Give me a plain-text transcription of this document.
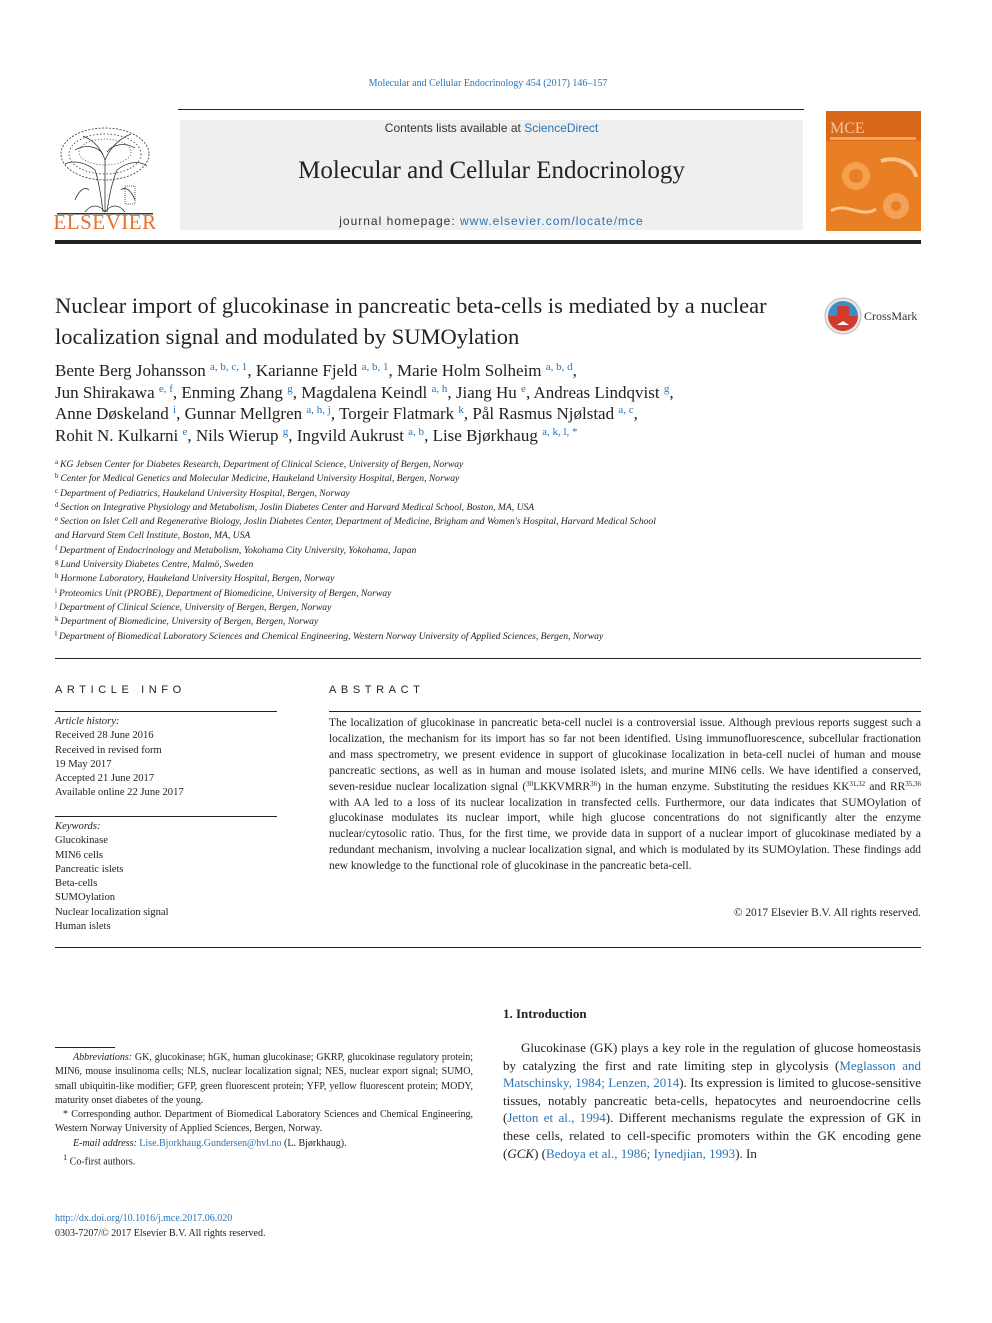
Molecular and Cellular Endocrinology 454 (2017) 146–157
ELSEVIER
Contents lists available at ScienceDirect
Molecular and Cellular Endocrinology
journal homepage: www.elsevier.com/locate/mce
MCE
Nuclear import of glucokinase in pancreatic beta-cells is mediated by a nuclear localization signal and modulated by SUMOylation
CrossMark
Bente Berg Johansson $^{a, b, c, 1}$, Karianne Fjeld $^{a, b, 1}$, Marie Holm Solheim $^{a, b, d}$,
Jun Shirakawa $^{e, f}$, Enming Zhang $^g$, Magdalena Keindl $^{a, h}$, Jiang Hu $^e$, Andreas Lindqvist $^g$,
Anne Døskeland $^i$, Gunnar Mellgren $^{a, h, j}$, Torgeir Flatmark $^k$, Pål Rasmus Njølstad $^{a, c}$,
Rohit N. Kulkarni $^e$, Nils Wierup $^g$, Ingvild Aukrust $^{a, b}$, Lise Bjørkhaug $^{a, k, l, *}$
$^a$ KG Jebsen Center for Diabetes Research, Department of Clinical Science, University of Bergen, Norway
$^b$ Center for Medical Genetics and Molecular Medicine, Haukeland University Hospital, Bergen, Norway
$^c$ Department of Pediatrics, Haukeland University Hospital, Bergen, Norway
$^d$ Section on Integrative Physiology and Metabolism, Joslin Diabetes Center and Harvard Medical School, Boston, MA, USA
$^e$ Section on Islet Cell and Regenerative Biology, Joslin Diabetes Center, Department of Medicine, Brigham and Women's Hospital, Harvard Medical School
and Harvard Stem Cell Institute, Boston, MA, USA
$^f$ Department of Endocrinology and Metabolism, Yokohama City University, Yokohama, Japan
$^g$ Lund University Diabetes Centre, Malmö, Sweden
$^h$ Hormone Laboratory, Haukeland University Hospital, Bergen, Norway
$^i$ Proteomics Unit (PROBE), Department of Biomedicine, University of Bergen, Norway
$^j$ Department of Clinical Science, University of Bergen, Bergen, Norway
$^k$ Department of Biomedicine, University of Bergen, Bergen, Norway
$^l$ Department of Biomedical Laboratory Sciences and Chemical Engineering, Western Norway University of Applied Sciences, Bergen, Norway
ARTICLE INFO	ABSTRACT
Article history:
Received 28 June 2016
Received in revised form
19 May 2017
Accepted 21 June 2017
Available online 22 June 2017
Keywords:
Glucokinase
MIN6 cells
Pancreatic islets
Beta-cells
SUMOylation
Nuclear localization signal
Human islets
The localization of glucokinase in pancreatic beta-cell nuclei is a controversial issue. Although previous reports suggest such a localization, the mechanism for its import has so far not been identified. Using immunofluorescence, subcellular fractionation and mass spectrometry, we present evidence in support of glucokinase localization in beta-cell nuclei of human and mouse pancreatic sections, as well as in human and mouse isolated islets, and murine MIN6 cells. We have identified a conserved, seven-residue nuclear localization signal ($^{30}$LKKVMRR$^{36}$) in the human enzyme. Substituting the residues KK$^{31,32}$ and RR$^{35,36}$ with AA led to a loss of its nuclear localization in transfected cells. Furthermore, our data indicates that SUMOylation of glucokinase modulates its nuclear import, while high glucose concentrations do not significantly alter the enzyme nuclear/cytosolic ratio. Thus, for the first time, we provide data in support of a nuclear import of glucokinase mediated by a redundant mechanism, involving a nuclear localization signal, and which is modulated by its SUMOylation. These findings add new knowledge to the functional role of glucokinase in the pancreatic beta-cell.
© 2017 Elsevier B.V. All rights reserved.

Abbreviations: GK, glucokinase; hGK, human glucokinase; GKRP, glucokinase regulatory protein; MIN6, mouse insulinoma cells; NLS, nuclear localization signal; NES, nuclear export signal; SUMO, small ubiquitin-like modifier; GFP, green fluorescent protein; YFP, yellow fluorescent protein; MODY, maturity onset diabetes of the young.

* Corresponding author. Department of Biomedical Laboratory Sciences and Chemical Engineering, Western Norway University of Applied Sciences, Bergen, Norway.

E-mail address: Lise.Bjorkhaug.Gundersen@hvl.no (L. Bjørkhaug).

$^1$ Co-first authors.

http://dx.doi.org/10.1016/j.mce.2017.06.020
0303-7207/© 2017 Elsevier B.V. All rights reserved.
1. Introduction
Glucokinase (GK) plays a key role in the regulation of glucose homeostasis by catalyzing the first and rate limiting step in glycolysis (Meglasson and Matschinsky, 1984; Lenzen, 2014). Its expression is limited to glucose-sensitive tissues, notably pancreatic beta-cells, hepatocytes and neuroendocrine cells (Jetton et al., 1994). Different mechanisms regulate the expression of GK in these cells, related to cell-specific promoters within the GK encoding gene (GCK) (Bedoya et al., 1986; Iynedjian, 1993). In
